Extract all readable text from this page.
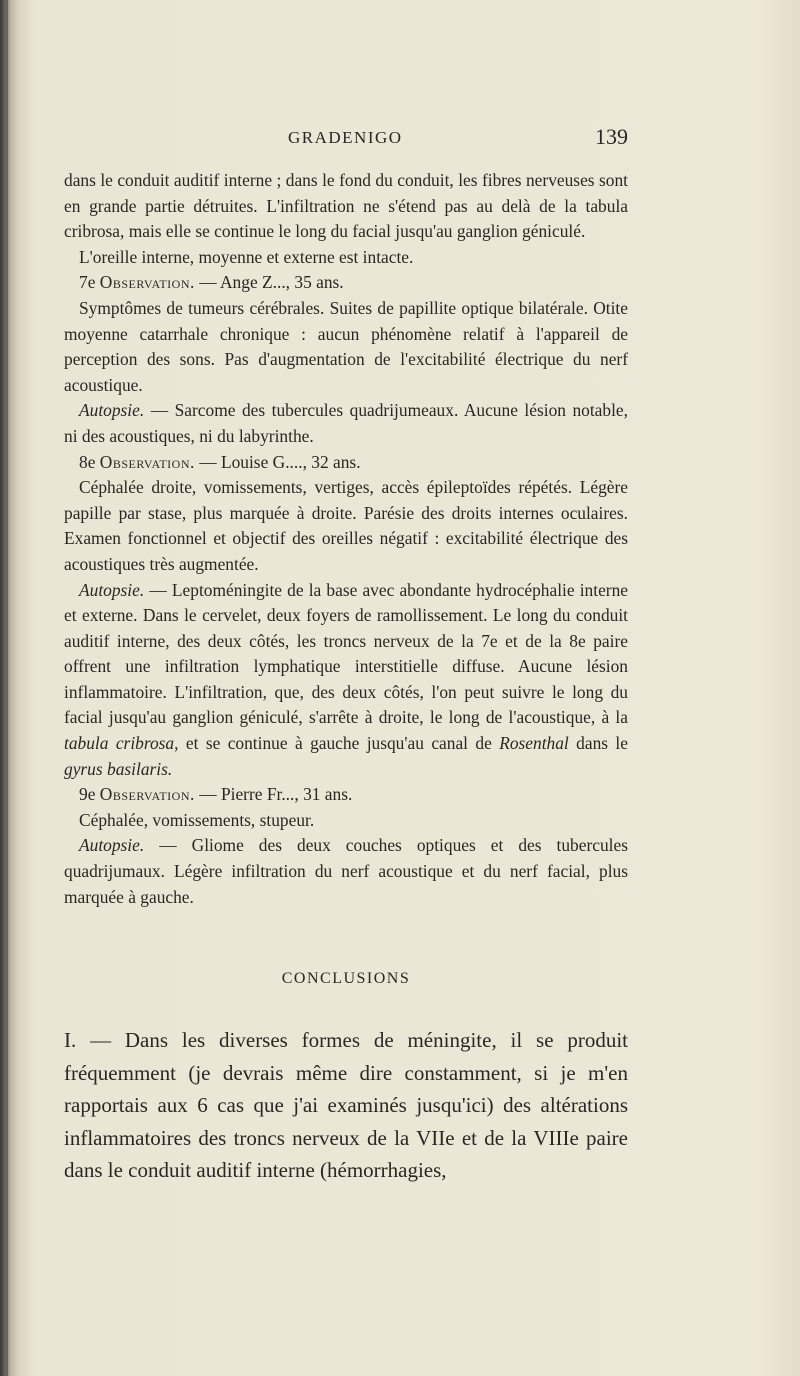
GRADENIGO	139

dans le conduit auditif interne ; dans le fond du conduit, les fibres nerveuses sont en grande partie détruites. L'infiltration ne s'étend pas au delà de la tabula cribrosa, mais elle se continue le long du facial jusqu'au ganglion géniculé.

L'oreille interne, moyenne et externe est intacte.

7e Observation. — Ange Z..., 35 ans.

Symptômes de tumeurs cérébrales. Suites de papillite optique bilatérale. Otite moyenne catarrhale chronique : aucun phénomène relatif à l'appareil de perception des sons. Pas d'augmentation de l'excitabilité électrique du nerf acoustique.

Autopsie. — Sarcome des tubercules quadrijumeaux. Aucune lésion notable, ni des acoustiques, ni du labyrinthe.

8e Observation. — Louise G...., 32 ans.

Céphalée droite, vomissements, vertiges, accès épileptoïdes répétés. Légère papille par stase, plus marquée à droite. Parésie des droits internes oculaires. Examen fonctionnel et objectif des oreilles négatif : excitabilité électrique des acoustiques très augmentée.

Autopsie. — Leptoméningite de la base avec abondante hydrocéphalie interne et externe. Dans le cervelet, deux foyers de ramollissement. Le long du conduit auditif interne, des deux côtés, les troncs nerveux de la 7e et de la 8e paire offrent une infiltration lymphatique interstitielle diffuse. Aucune lésion inflammatoire. L'infiltration, que, des deux côtés, l'on peut suivre le long du facial jusqu'au ganglion géniculé, s'arrête à droite, le long de l'acoustique, à la tabula cribrosa, et se continue à gauche jusqu'au canal de Rosenthal dans le gyrus basilaris.

9e Observation. — Pierre Fr..., 31 ans.

Céphalée, vomissements, stupeur.

Autopsie. — Gliome des deux couches optiques et des tubercules quadrijumaux. Légère infiltration du nerf acoustique et du nerf facial, plus marquée à gauche.

CONCLUSIONS

I. — Dans les diverses formes de méningite, il se produit fréquemment (je devrais même dire constamment, si je m'en rapportais aux 6 cas que j'ai examinés jusqu'ici) des altérations inflammatoires des troncs nerveux de la VIIe et de la VIIIe paire dans le conduit auditif interne (hémorrhagies,
